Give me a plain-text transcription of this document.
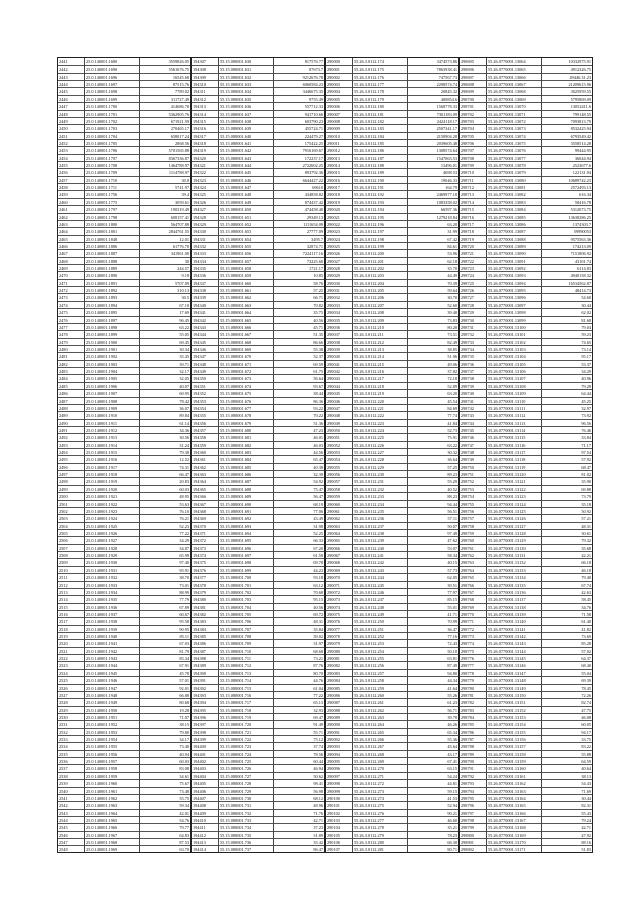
2441
2442
2443
2444
2445
2446
2447
2448
2449
2450
2451
2452
2453
2454
2455
2456
2457
2458
2459
2460
2461
2462
2463
2464
2465
2466
2467
2468
2469
2470
2471
2472
2473
2474
2475
2476
2477
2478
2479
2480
2481
2482
2483
2484
2485
2486
2487
2488
2489
2490
2491
2492
2493
2494
2495
2496
2497
2498
2499
2500
2501
2502
2503
2504
2505
2506
2507
2508
2509
2510
2511
2512
2513
2514
2515
2516
2517
2518
2519
2520
2521
2522
2523
2524
2525
2526
2527
2528
2529
2530
2531
2532
2533
2534
2535
2536
2537
2538
2539
2540
2541
2542
2543
2544
2545
2546
2547
2548
25.0.140001.1680
25.0.140001.1690
25.0.140001.1696
25.0.140001.1697
25.0.140001.1698
25.0.140001.1699
25.0.140001.1700
25.0.140001.1701
25.0.140001.1702
25.0.140001.1703
25.0.140001.1704
25.0.140001.1705
25.0.140001.1706
25.0.140001.1707
25.0.140001.1708
25.0.140001.1709
25.0.140001.1710
25.0.140001.1711
25.0.140001.1756
25.0.140001.1775
25.0.140001.1797
25.0.140001.1798
25.0.140001.1800
25.0.140001.1801
25.0.140001.1848
25.0.140001.1886
25.0.140001.1887
25.0.140001.1888
25.0.140001.1889
25.0.140001.1890
25.0.140001.1891
25.0.140001.1892
25.0.140001.1893
25.0.140001.1894
25.0.140001.1895
25.0.140001.1897
25.0.140001.1898
25.0.140001.1899
25.0.140001.1900
25.0.140001.1901
25.0.140001.1902
25.0.140001.1903
25.0.140001.1904
25.0.140001.1905
25.0.140001.1906
25.0.140001.1907
25.0.140001.1908
25.0.140001.1909
25.0.140001.1910
25.0.140001.1911
25.0.140001.1912
25.0.140001.1913
25.0.140001.1914
25.0.140001.1915
25.0.140001.1916
25.0.140001.1917
25.0.140001.1918
25.0.140001.1919
25.0.140001.1920
25.0.140001.1921
25.0.140001.1922
25.0.140001.1923
25.0.140001.1924
25.0.140001.1925
25.0.140001.1926
25.0.140001.1927
25.0.140001.1928
25.0.140001.1929
25.0.140001.1930
25.0.140001.1931
25.0.140001.1932
25.0.140001.1933
25.0.140001.1934
25.0.140001.1935
25.0.140001.1936
25.0.140001.1937
25.0.140001.1938
25.0.140001.1939
25.0.140001.1940
25.0.140001.1941
25.0.140001.1942
25.0.140001.1943
25.0.140001.1944
25.0.140001.1945
25.0.140001.1946
25.0.140001.1947
25.0.140001.1948
25.0.140001.1949
25.0.140001.1950
25.0.140001.1951
25.0.140001.1952
25.0.140001.1953
25.0.140001.1954
25.0.140001.1955
25.0.140001.1956
25.0.140001.1957
25.0.140001.1958
25.0.140001.1959
25.0.140001.1960
25.0.140001.1961
25.0.140001.1962
25.0.140001.1963
25.0.140001.1964
25.0.140001.1965
25.0.140001.1966
25.0.140001.1967
25.0.140001.1968
25.0.140001.1969
3559826.05
5561676.75
16545.68
87515.76
7789.02
311727.49
414686.78
5362905.76
671921.59
270465.17
658017.24
2868.56
5701565.88
8367336.87
1464788.97
1114788.97
30.8
5741.97
39.4
3059.61
190319.49
608157.41
564707.88
2844761.55
12.01
61776.70
341961.00
30
244.57
9.18
5707.09
310.13
30.5
67.10
17.69
96.45
63.22
55.05
69.45
30.34
35.45
39.71
32.17
32.05
40.07
60.95
78.42
36.07
89.84
61.14
34.36
30.56
31.24
79.38
12.52
74.31
66.47
20.83
60.03
48.95
53.63
76.10
76.21
52.23
77.22
34.29
34.87
65.98
97.40
95.91
38.70
73.01
88.99
77.79
67.89
60.67
95.58
90.95
85.11
67.03
81.79
85.34
67.91
45.78
57.01
92.01
66.88
80.68
19.28
71.07
38.15
79.80
34.17
73.40
40.94
60.03
83.08
34.61
75.67
73.48
55.75
59.34
42.01
54.76
79.77
64.83
87.53
63.70
194307
194308
194309
194310
194311
194312
194313
194314
194315
194316
194317
194318
194319
194320
194321
194322
194323
194324
194325
194326
194327
194328
194329
194330
194331
194332
194333
194334
194335
194336
194337
194338
194339
194340
194341
194342
194343
194344
194345
194346
194347
194348
194349
194350
194351
194352
194353
194354
194355
194356
194357
194358
194359
194360
194361
194362
194363
194364
194365
194366
194367
194368
194369
194370
194371
194372
194373
194374
194375
194376
194377
194378
194379
194380
194381
194382
194383
194384
194385
194386
194387
194388
194389
194390
194391
194392
194393
194394
194395
194396
194397
194398
194399
194400
194401
194402
194403
194404
194405
194406
194407
194408
194409
194410
194411
194412
194413
194414
55.15.080001.630
55.15.080001.631
55.15.080001.632
55.15.080001.633
55.15.080001.634
55.15.080001.635
55.15.080001.636
55.15.080001.637
55.15.080001.638
55.15.080001.639
55.15.080001.640
55.15.080001.641
55.15.080001.642
55.15.080001.643
55.15.080001.644
55.15.080001.645
55.15.080001.646
55.15.080001.647
55.15.080001.648
55.15.080001.649
55.15.080001.650
55.15.080001.651
55.15.080001.652
55.15.080001.653
55.15.080001.654
55.15.080001.655
55.15.080001.656
55.15.080001.657
55.15.080001.658
55.15.080001.659
55.15.080001.660
55.15.080001.661
55.15.080001.662
55.15.080001.663
55.15.080001.664
55.15.080001.665
55.15.080001.666
55.15.080001.667
55.15.080001.668
55.15.080001.669
55.15.080001.670
55.15.080001.671
55.15.080001.672
55.15.080001.673
55.15.080001.674
55.15.080001.675
55.15.080001.676
55.15.080001.677
55.15.080001.678
55.15.080001.679
55.15.080001.680
55.15.080001.681
55.15.080001.682
55.15.080001.683
55.15.080001.684
55.15.080001.685
55.15.080001.686
55.15.080001.687
55.15.080001.688
55.15.080001.689
55.15.080001.690
55.15.080001.691
55.15.080001.692
55.15.080001.693
55.15.080001.694
55.15.080001.695
55.15.080001.696
55.15.080001.697
55.15.080001.698
55.15.080001.699
55.15.080001.700
55.15.080001.701
55.15.080001.702
55.15.080001.703
55.15.080001.704
55.15.080001.705
55.15.080001.706
55.15.080001.707
55.15.080001.708
55.15.080001.709
55.15.080001.710
55.15.080001.711
55.15.080001.712
55.15.080001.713
55.15.080001.714
55.15.080001.715
55.15.080001.716
55.15.080001.717
55.15.080001.718
55.15.080001.719
55.15.080001.720
55.15.080001.721
55.15.080001.722
55.15.080001.723
55.15.080001.724
55.15.080001.725
55.15.080001.726
55.15.080001.727
55.15.080001.728
55.15.080001.729
55.15.080001.730
55.15.080001.731
55.15.080001.732
55.15.080001.733
55.15.080001.734
55.15.080001.735
55.15.080001.736
55.15.080001.737
817576.77
87673.7
9212676.78
6060584.23
3446675.35
9755.49
557712.33
941710.66
603790.23
455724.71
224479.27
175422.25
7916169.67
172237.17
2722602.25
893792.36
6644427.22
69610
434858.82
874437.42
474458.40
29349.13
1111654.09
27777.09
3495.7
32874.71
7224117.16
73225.60
1721.17
10.85
58.76
57.25
66.71
70.82
35.75
40.56
45.71
51.35
86.66
55.38
52.37
69.59
61.75
56.64
93.67
38.44
86.36
93.22
70.22
51.36
47.23
46.01
46.03
44.56
65.47
40.38
32.39
54.92
75.47
56.47
68.19
77.06
43.49
31.98
52.25
66.33
67.20
61.58
69.78
44.23
93.18
63.12
70.68
95.15
40.56
69.72
48.31
35.84
39.02
31.97
68.68
73.21
87.76
80.70
44.76
61.04
77.22
65.13
32.93
69.47
91.49
55.71
75.12
37.74
78.56
60.44
46.94
50.62
98.41
56.98
68.12
48.96
71.76
42.71
37.23
31.89
35.42
86.47
290000
290001
290002
290003
290004
290005
290006
290007
290008
290009
290010
290011
290012
290013
290014
290015
290016
290017
290018
290019
290020
290021
290022
290023
290024
290025
290026
290027
290028
290029
290030
290031
290032
290033
290034
290035
290036
290037
290038
290039
290040
290041
290042
290043
290044
290045
290046
290047
290048
290049
290050
290051
290052
290053
290054
290055
290056
290057
290058
290059
290060
290061
290062
290063
290064
290065
290066
290067
290068
290069
290070
290071
290072
290073
290074
290075
290076
290077
290078
290079
290080
290081
290082
290083
290084
290085
290086
290087
290088
290089
290090
290091
290092
290093
290094
290095
290096
290097
290098
290099
290100
290101
290102
290103
290104
290105
290106
290107
55.26.3.0112.174
55.26.3.0112.175
55.26.3.0112.176
55.26.3.0112.177
55.26.3.0112.178
55.26.3.0112.179
55.26.3.0112.180
55.26.3.0112.181
55.26.3.0112.182
55.26.3.0112.183
55.26.3.0112.184
55.26.3.0112.185
55.26.3.0112.186
55.26.3.0112.187
55.26.3.0112.188
55.26.3.0112.189
55.26.3.0112.190
55.26.3.0112.191
55.26.3.0112.192
55.26.3.0112.193
55.26.3.0112.194
55.26.3.0112.195
55.26.3.0112.196
55.26.3.0112.197
55.26.3.0112.198
55.26.3.0112.199
55.26.3.0112.200
55.26.3.0112.201
55.26.3.0112.202
55.26.3.0112.203
55.26.3.0112.204
55.26.3.0112.205
55.26.3.0112.206
55.26.3.0112.207
55.26.3.0112.208
55.26.3.0112.209
55.26.3.0112.210
55.26.3.0112.211
55.26.3.0112.212
55.26.3.0112.213
55.26.3.0112.214
55.26.3.0112.215
55.26.3.0112.216
55.26.3.0112.217
55.26.3.0112.218
55.26.3.0112.219
55.26.3.0112.220
55.26.3.0112.221
55.26.3.0112.222
55.26.3.0112.223
55.26.3.0112.224
55.26.3.0112.225
55.26.3.0112.226
55.26.3.0112.227
55.26.3.0112.228
55.26.3.0112.229
55.26.3.0112.230
55.26.3.0112.231
55.26.3.0112.232
55.26.3.0112.233
55.26.3.0112.234
55.26.3.0112.235
55.26.3.0112.236
55.26.3.0112.237
55.26.3.0112.238
55.26.3.0112.239
55.26.3.0112.240
55.26.3.0112.241
55.26.3.0112.242
55.26.3.0112.243
55.26.3.0112.244
55.26.3.0112.245
55.26.3.0112.246
55.26.3.0112.247
55.26.3.0112.248
55.26.3.0112.249
55.26.3.0112.250
55.26.3.0112.251
55.26.3.0112.252
55.26.3.0112.253
55.26.3.0112.254
55.26.3.0112.255
55.26.3.0112.256
55.26.3.0112.257
55.26.3.0112.258
55.26.3.0112.259
55.26.3.0112.260
55.26.3.0112.261
55.26.3.0112.262
55.26.3.0112.263
55.26.3.0112.264
55.26.3.0112.265
55.26.3.0112.266
55.26.3.0112.267
55.26.3.0112.268
55.26.3.0112.269
55.26.3.0112.270
55.26.3.0112.271
55.26.3.0112.272
55.26.3.0112.273
55.26.3.0112.274
55.26.3.0112.275
55.26.3.0112.276
55.26.3.0112.277
55.26.3.0112.278
55.26.3.0112.279
55.26.3.0112.280
55.26.3.0112.281
3474573.86
7863938.41
747567.73
2298574.74
20845.32
400854.6
1568778.33
7301183.09
2424118.17
2507341.17
2150904.28
2039605.48
1308574.64
1547063.53
13496.01
4698.53
19046.33
164.79
2469977.18
1083358.02
66597.36
1279218.84
63.20
31.99
67.42
84.61
53.96
62.18
35.70
44.49
70.39
59.64
30.70
52.60
39.40
73.83
80.28
73.51
82.49
38.85
51.96
49.06
37.82
72.18
52.89
63.20
45.54
84.69
77.74
41.84
52.73
75.91
63.22
30.32
36.64
57.25
89.23
55.29
40.52
88.23
94.44
56.51
57.11
50.07
97.49
47.62
53.07
58.34
40.15
57.73
62.05
39.51
77.97
85.15
55.01
41.71
70.99
36.47
77.16
72.43
50.10
63.81
87.49
94.80
44.34
41.64
55.26
61.23
56.71
39.78
46.26
65.34
55.36
45.64
43.17
67.41
63.15
54.24
44.81
59.15
41.53
52.94
90.21
46.60
35.21
78.23
66.30
80.71
298695
298696
298697
298698
298699
298700
298701
298702
298703
298704
298705
298706
298707
298708
298709
298710
298711
298712
298713
298714
298715
298716
298717
298718
298719
298720
298721
298722
298723
298724
298725
298726
298727
298728
298729
298730
298731
298732
298733
298734
298735
298736
298737
298738
298739
298740
298741
298742
298743
298744
298745
298746
298747
298748
298749
298750
298751
298752
298753
298754
298755
298756
298757
298758
298759
298760
298761
298762
298763
298764
298765
298766
298767
298768
298769
298770
298771
298772
298773
298774
298775
298776
298777
298778
298779
298780
298781
298782
298783
298784
298785
298786
298787
298788
298789
298790
298791
298792
298793
298794
298795
298796
298797
298798
298799
298800
298801
298802
55.26.0770001.13064
55.26.0770001.13065
55.26.0770001.13066
55.26.0770001.13067
55.26.0770001.13068
55.26.0770001.13069
55.26.0770001.13070
55.26.0770001.13071
55.26.0770001.13072
55.26.0770001.13073
55.26.0770001.13074
55.26.0770001.13075
55.26.0770001.13076
55.26.0770001.13077
55.26.0770001.13078
55.26.0770001.13079
55.26.0770001.13080
55.26.0770001.13081
55.26.0770001.13082
55.26.0770001.13083
55.26.0770001.13084
55.26.0770001.13085
55.26.0770001.13086
55.26.0770001.13087
55.26.0770001.13088
55.26.0770001.13089
55.26.0770001.13090
55.26.0770001.13091
55.26.0770001.13092
55.26.0770001.13093
55.26.0770001.13094
55.26.0770001.13095
55.26.0770001.13096
55.26.0770001.13097
55.26.0770001.13098
55.26.0770001.13099
55.26.0770001.13100
55.26.0770001.13101
55.26.0770001.13102
55.26.0770001.13103
55.26.0770001.13104
55.26.0770001.13105
55.26.0770001.13106
55.26.0770001.13107
55.26.0770001.13108
55.26.0770001.13109
55.26.0770001.13110
55.26.0770001.13111
55.26.0770001.13112
55.26.0770001.13113
55.26.0770001.13114
55.26.0770001.13115
55.26.0770001.13116
55.26.0770001.13117
55.26.0770001.13118
55.26.0770001.13119
55.26.0770001.13120
55.26.0770001.13121
55.26.0770001.13122
55.26.0770001.13123
55.26.0770001.13124
55.26.0770001.13125
55.26.0770001.13126
55.26.0770001.13127
55.26.0770001.13128
55.26.0770001.13129
55.26.0770001.13130
55.26.0770001.13131
55.26.0770001.13132
55.26.0770001.13133
55.26.0770001.13134
55.26.0770001.13135
55.26.0770001.13136
55.26.0770001.13137
55.26.0770001.13138
55.26.0770001.13139
55.26.0770001.13140
55.26.0770001.13141
55.26.0770001.13142
55.26.0770001.13143
55.26.0770001.13144
55.26.0770001.13145
55.26.0770001.13146
55.26.0770001.13147
55.26.0770001.13148
55.26.0770001.13149
55.26.0770001.13150
55.26.0770001.13151
55.26.0770001.13152
55.26.0770001.13153
55.26.0770001.13154
55.26.0770001.13155
55.26.0770001.13156
55.26.0770001.13157
55.26.0770001.13158
55.26.0770001.13159
55.26.0770001.13160
55.26.0770001.13161
55.26.0770001.13162
55.26.0770001.13163
55.26.0770001.13164
55.26.0770001.13165
55.26.0770001.13166
55.26.0770001.13167
55.26.0770001.13168
55.26.0770001.13169
55.26.0770001.13170
55.26.0770001.13171
10332975.91
4912326.75
49446.31.23
21209615.96
3025959.55
5795869.09
13052411.6
799148.55
7093813.79
8532425.94
6793549.42
3558514.28
99444.95
36044.94
2523677.6
122131.94
10689742.23
2572493.13
616.34
58416.78
5312073.75
13638286.25
1374303.7
59990053
9575563.36
174213.09
7151806.92
43101.74
6114.83
4940158.32
16534562.87
48414.73
54.60
30.44
62.02
81.68
79.04
59.23
74.65
73.14
95.17
53.37
34.29
40.96
79.28
64.44
45.25
32.97
73.92
96.56
76.46
33.84
71.17
97.54
57.92
68.47
81.02
35.90
69.88
73.79
35.18
50.92
57.21
48.31
30.61
79.32
35.68
42.21
66.18
46.18
79.40
67.74
42.63
58.45
34.76
71.58
61.40
41.82
73.69
85.28
57.02
64.37
68.40
55.04
69.39
78.45
72.26
82.74
47.75
46.08
60.05
94.17
33.75
83.22
55.88
64.59
40.64
38.13
54.43
71.69
30.44
82.31
55.43
79.24
42.71
47.92
88.16
51.83
